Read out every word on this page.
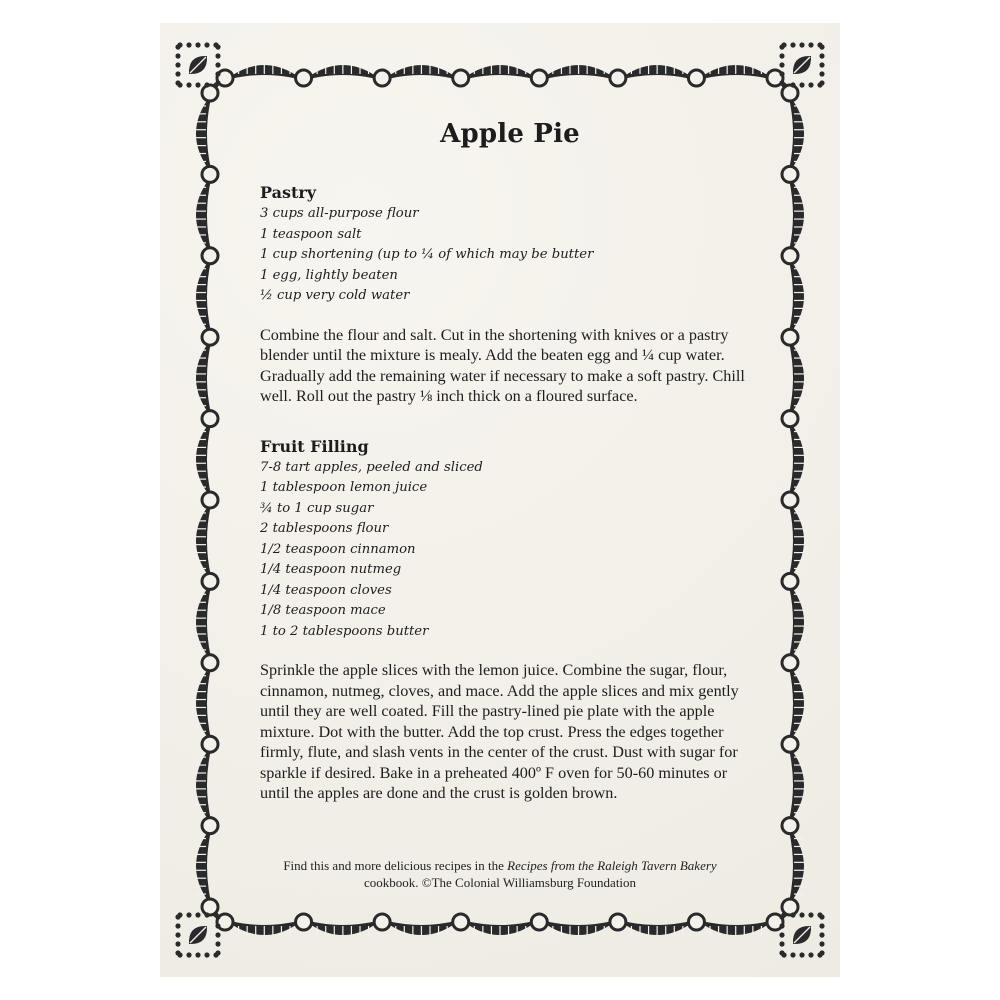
Apple Pie
Pastry
3 cups all-purpose flour
1 teaspoon salt
1 cup shortening (up to ¼ of which may be butter
1 egg, lightly beaten
½ cup very cold water

Combine the flour and salt. Cut in the shortening with knives or a pastry blender until the mixture is mealy. Add the beaten egg and ¼ cup water. Gradually add the remaining water if necessary to make a soft pastry. Chill well. Roll out the pastry ⅛ inch thick on a floured surface.

Fruit Filling
7-8 tart apples, peeled and sliced
1 tablespoon lemon juice
¾ to 1 cup sugar
2 tablespoons flour
1/2 teaspoon cinnamon
1/4 teaspoon nutmeg
1/4 teaspoon cloves
1/8 teaspoon mace
1 to 2 tablespoons butter

Sprinkle the apple slices with the lemon juice. Combine the sugar, flour, cinnamon, nutmeg, cloves, and mace. Add the apple slices and mix gently until they are well coated. Fill the pastry-lined pie plate with the apple mixture. Dot with the butter. Add the top crust. Press the edges together firmly, flute, and slash vents in the center of the crust. Dust with sugar for sparkle if desired. Bake in a preheated 400º F oven for 50-60 minutes or until the apples are done and the crust is golden brown.

Find this and more delicious recipes in the Recipes from the Raleigh Tavern Bakery
cookbook. ©The Colonial Williamsburg Foundation
